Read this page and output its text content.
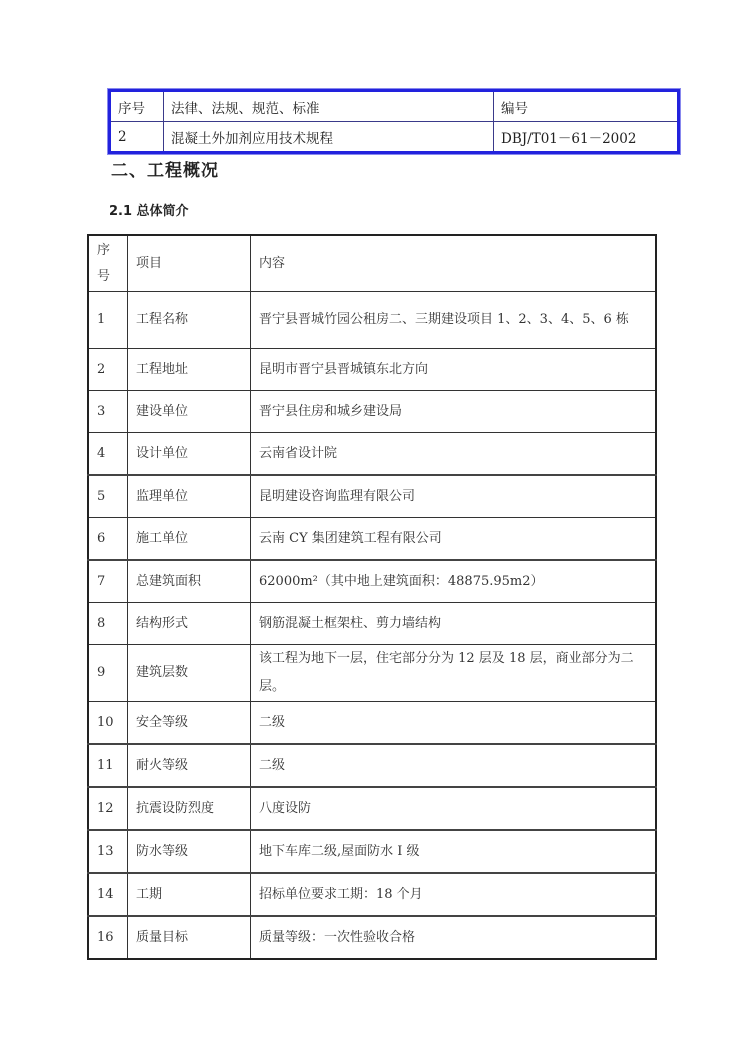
序号	法律、法规、规范、标准	编号
2	混凝土外加剂应用技术规程	DBJ/T01－61－2002
二、工程概况
2.1 总体简介
序
号	项目	内容
1	工程名称	晋宁县晋城竹园公租房二、三期建设项目 1、2、3、4、5、6 栋
2	工程地址	昆明市晋宁县晋城镇东北方向
3	建设单位	晋宁县住房和城乡建设局
4	设计单位	云南省设计院
5	监理单位	昆明建设咨询监理有限公司
6	施工单位	云南 CY 集团建筑工程有限公司
7	总建筑面积	62000m²（其中地上建筑面积：48875.95m2）
8	结构形式	钢筋混凝土框架柱、剪力墙结构
9	建筑层数	该工程为地下一层，住宅部分分为 12 层及 18 层，商业部分为二层。
10	安全等级	二级
11	耐火等级	二级
12	抗震设防烈度	八度设防
13	防水等级	地下车库二级,屋面防水 I 级
14	工期	招标单位要求工期：18 个月
16	质量目标	质量等级：一次性验收合格
